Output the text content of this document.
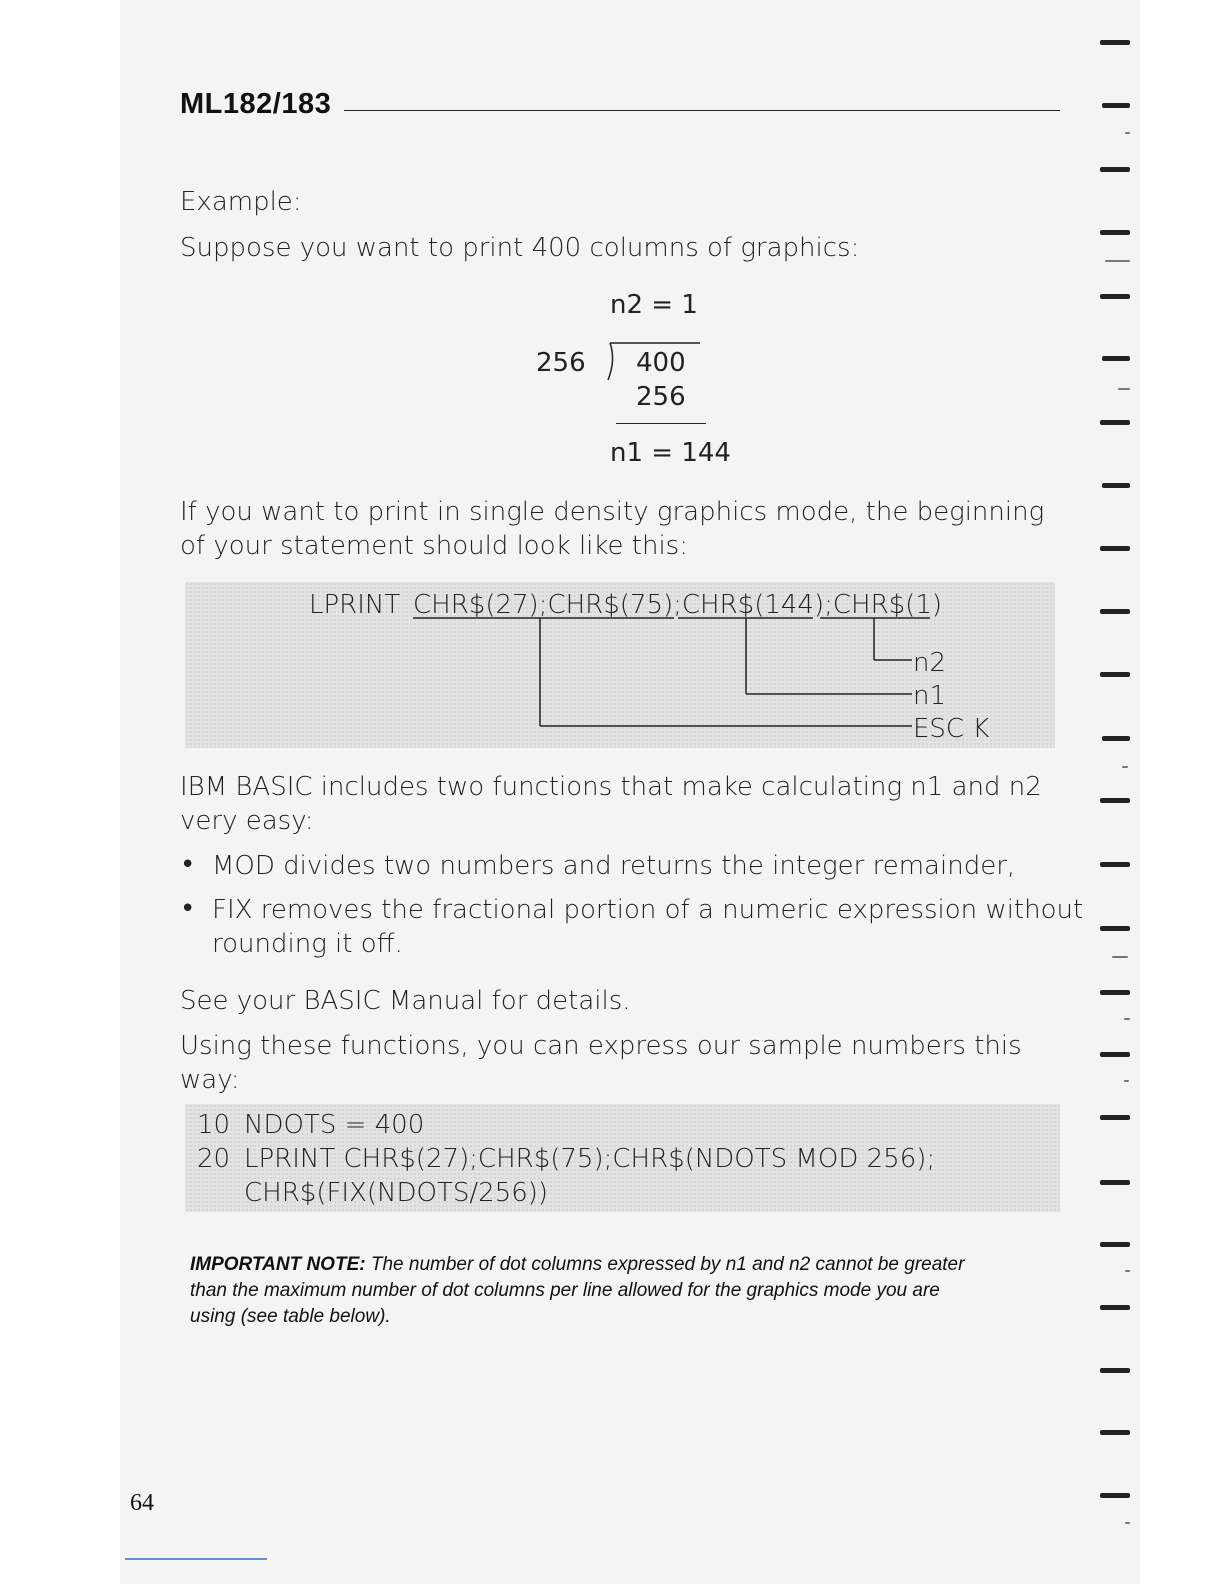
ML182/183
Example:
Suppose you want to print 400 columns of graphics:
n2 = 1
256 400
256
n1 = 144
If you want to print in single density graphics mode, the beginning
of your statement should look like this:
LPRINT CHR$(27);CHR$(75);CHR$(144);CHR$(1)
n2
n1
ESC K
IBM BASIC includes two functions that make calculating n1 and n2
very easy:
• MOD divides two numbers and returns the integer remainder,
• FIX removes the fractional portion of a numeric expression without
rounding it off.
See your BASIC Manual for details.
Using these functions, you can express our sample numbers this
way:
10 NDOTS = 400
20 LPRINT CHR$(27);CHR$(75);CHR$(NDOTS MOD 256);
CHR$(FIX(NDOTS/256))
IMPORTANT NOTE: The number of dot columns expressed by n1 and n2 cannot be greater
than the maximum number of dot columns per line allowed for the graphics mode you are
using (see table below).
64
